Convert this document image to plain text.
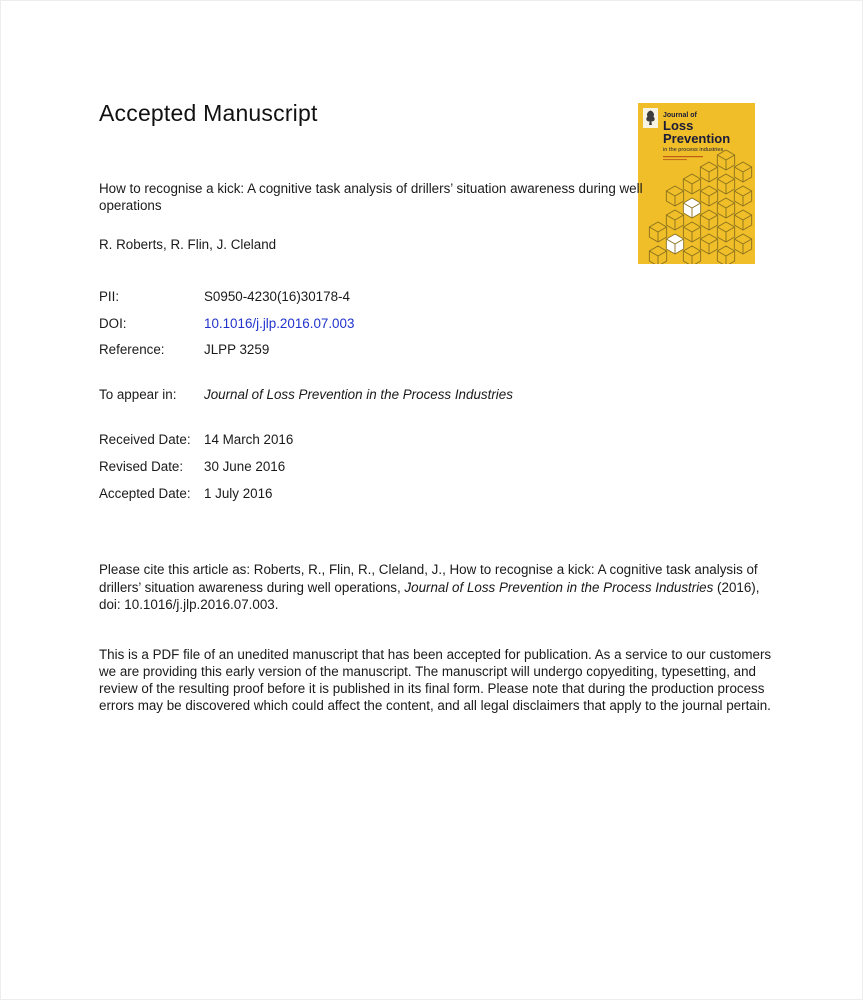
Accepted Manuscript	Journal of
Loss
Prevention
in the process industries
How to recognise a kick: A cognitive task analysis of drillers’ situation awareness during well operations
R. Roberts, R. Flin, J. Cleland
PII:	S0950-4230(16)30178-4
DOI:	10.1016/j.jlp.2016.07.003
Reference:	JLPP 3259
To appear in:	Journal of Loss Prevention in the Process Industries
Received Date:	14 March 2016
Revised Date:	30 June 2016
Accepted Date:	1 July 2016

Please cite this article as: Roberts, R., Flin, R., Cleland, J., How to recognise a kick: A cognitive task analysis of drillers’ situation awareness during well operations, Journal of Loss Prevention in the Process Industries (2016), doi: 10.1016/j.jlp.2016.07.003.

This is a PDF file of an unedited manuscript that has been accepted for publication. As a service to our customers we are providing this early version of the manuscript. The manuscript will undergo copyediting, typesetting, and review of the resulting proof before it is published in its final form. Please note that during the production process errors may be discovered which could affect the content, and all legal disclaimers that apply to the journal pertain.
